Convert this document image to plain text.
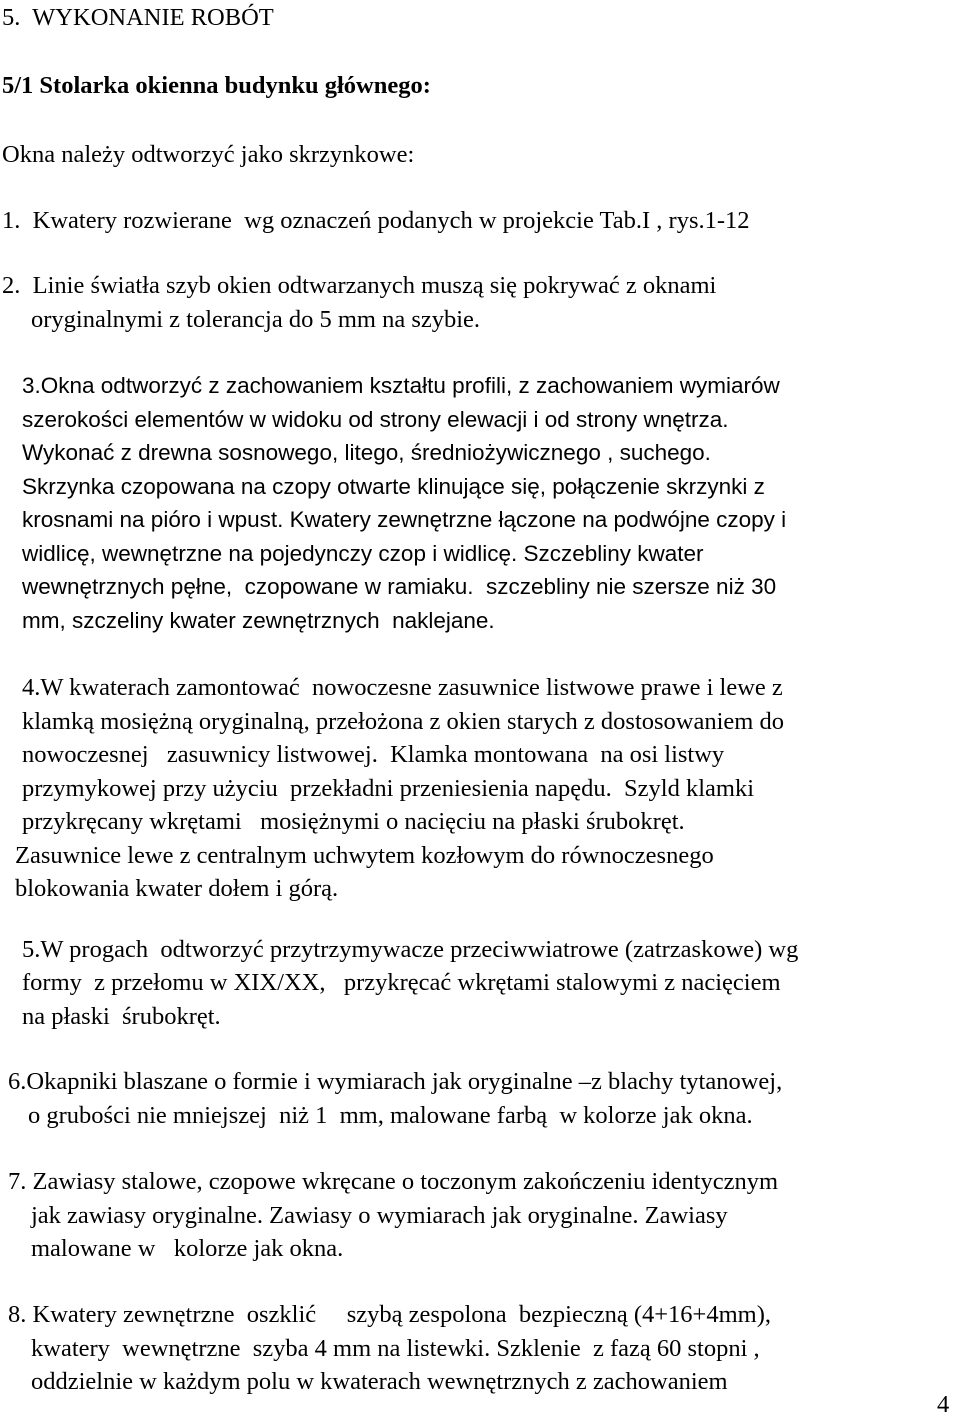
5.  WYKONANIE ROBÓT
5/1 Stolarka okienna budynku głównego:
Okna należy odtworzyć jako skrzynkowe:
1.  Kwatery rozwierane  wg oznaczeń podanych w projekcie Tab.I , rys.1-12
2.  Linie światła szyb okien odtwarzanych muszą się pokrywać z oknami
oryginalnymi z tolerancja do 5 mm na szybie.
3.Okna odtworzyć z zachowaniem kształtu profili, z zachowaniem wymiarów
szerokości elementów w widoku od strony elewacji i od strony wnętrza.
Wykonać z drewna sosnowego, litego, średniożywicznego , suchego.
Skrzynka czopowana na czopy otwarte klinujące się, połączenie skrzynki z
krosnami na pióro i wpust. Kwatery zewnętrzne łączone na podwójne czopy i
widlicę, wewnętrzne na pojedynczy czop i widlicę. Szczebliny kwater
wewnętrznych pęłne,  czopowane w ramiaku.  szczebliny nie szersze niż 30
mm, szczeliny kwater zewnętrznych  naklejane.
4.W kwaterach zamontować  nowoczesne zasuwnice listwowe prawe i lewe z
klamką mosiężną oryginalną, przełożona z okien starych z dostosowaniem do
nowoczesnej   zasuwnicy listwowej.  Klamka montowana  na osi listwy
przymykowej przy użyciu  przekładni przeniesienia napędu.  Szyld klamki
przykręcany wkrętami   mosiężnymi o nacięciu na płaski śrubokręt.
Zasuwnice lewe z centralnym uchwytem kozłowym do równoczesnego
blokowania kwater dołem i górą.
5.W progach  odtworzyć przytrzymywacze przeciwwiatrowe (zatrzaskowe) wg
formy  z przełomu w XIX/XX,   przykręcać wkrętami stalowymi z nacięciem
na płaski  śrubokręt.
6.Okapniki blaszane o formie i wymiarach jak oryginalne –z blachy tytanowej,
o grubości nie mniejszej  niż 1  mm, malowane farbą  w kolorze jak okna.
7. Zawiasy stalowe, czopowe wkręcane o toczonym zakończeniu identycznym
jak zawiasy oryginalne. Zawiasy o wymiarach jak oryginalne. Zawiasy
malowane w   kolorze jak okna.
8. Kwatery zewnętrzne  oszklić     szybą zespolona  bezpieczną (4+16+4mm),
kwatery  wewnętrzne  szyba 4 mm na listewki. Szklenie  z fazą 60 stopni ,
oddzielnie w każdym polu w kwaterach wewnętrznych z zachowaniem
4
